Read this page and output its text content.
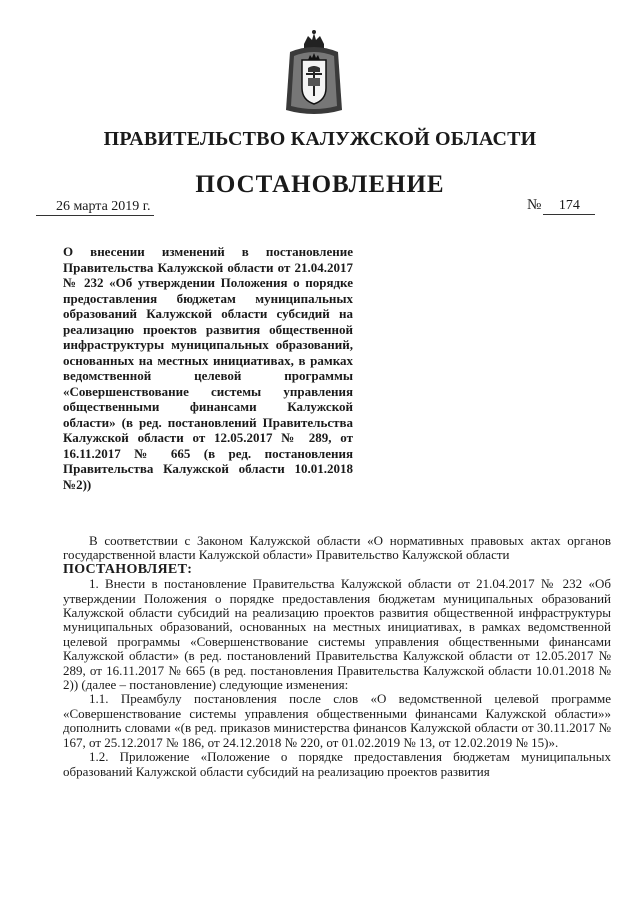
ПРАВИТЕЛЬСТВО КАЛУЖСКОЙ ОБЛАСТИ
ПОСТАНОВЛЕНИЕ
26 марта 2019 г.	№ 174
О внесении изменений в постановление Правительства Калужской области от 21.04.2017 № 232 «Об утверждении Положения о порядке предоставления бюджетам муниципальных образований Калужской области субсидий на реализацию проектов развития общественной инфраструктуры муниципальных образований, основанных на местных инициативах, в рамках ведомственной целевой программы «Совершенствование системы управления общественными финансами Калужской области» (в ред. постановлений Правительства Калужской области от 12.05.2017 № 289, от 16.11.2017 № 665 (в ред. постановления Правительства Калужской области 10.01.2018 №2))

В соответствии с Законом Калужской области «О нормативных правовых актах органов государственной власти Калужской области» Правительство Калужской области

ПОСТАНОВЛЯЕТ:

1. Внести в постановление Правительства Калужской области от 21.04.2017 № 232 «Об утверждении Положения о порядке предоставления бюджетам муниципальных образований Калужской области субсидий на реализацию проектов развития общественной инфраструктуры муниципальных образований, основанных на местных инициативах, в рамках ведомственной целевой программы «Совершенствование системы управления общественными финансами Калужской области» (в ред. постановлений Правительства Калужской области от 12.05.2017 № 289, от 16.11.2017 № 665 (в ред. постановления Правительства Калужской области 10.01.2018 № 2)) (далее – постановление) следующие изменения:

1.1. Преамбулу постановления после слов «О ведомственной целевой программе «Совершенствование системы управления общественными финансами Калужской области»» дополнить словами «(в ред. приказов министерства финансов Калужской области от 30.11.2017 № 167, от 25.12.2017 № 186, от 24.12.2018 № 220, от 01.02.2019 № 13, от 12.02.2019 № 15)».

1.2. Приложение «Положение о порядке предоставления бюджетам муниципальных образований Калужской области субсидий на реализацию проектов развития
